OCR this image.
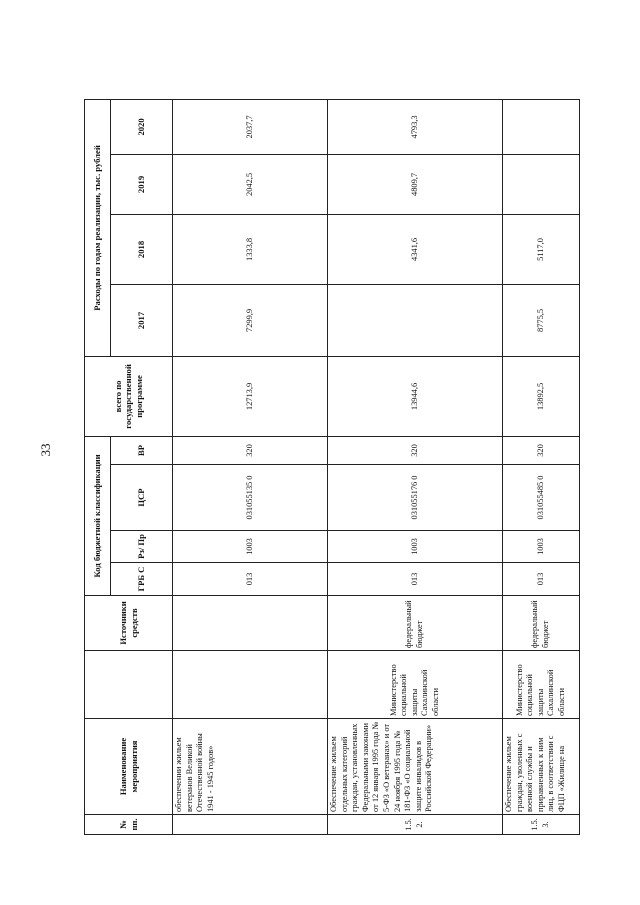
33
№ пп.	Наименование мероприятия		Источники средств	Код бюджетной классификации				всего по государственной программе	Расходы по годам реализации, тыс. рублей			
				ГРБ С	Рз/ Пр	ЦСР	ВР		2017	2018	2019	2020
	обеспечении жильем ветеранов Великой Отечественной войны 1941 - 1945 годов»			013	1003	031055135 0	320	12713,9	7299,9	1333,8	2042,5	2037,7
1.5. 2.	Обеспечение жильем отдельных категорий граждан, установленных Федеральными законами от 12 января 1995 года № 5-ФЗ «О ветеранах» и от 24 ноября 1995 года № 181-ФЗ «О социальной защите инвалидов в Российской Федерации»	Министерство социальной защиты Сахалинской области	федеральный бюджет	013	1003	031055176 0	320	13944,6		4341,6	4809,7	4793,3
1.5. 3.	Обеспечение жильем граждан, уволенных с военной службы и приравненных к ним лиц, в соответствии с ФЦП «Жилище на	Министерство социальной защиты Сахалинской области	федеральный бюджет	013	1003	031055485 0	320	13892,5	8775,5	5117,0		
